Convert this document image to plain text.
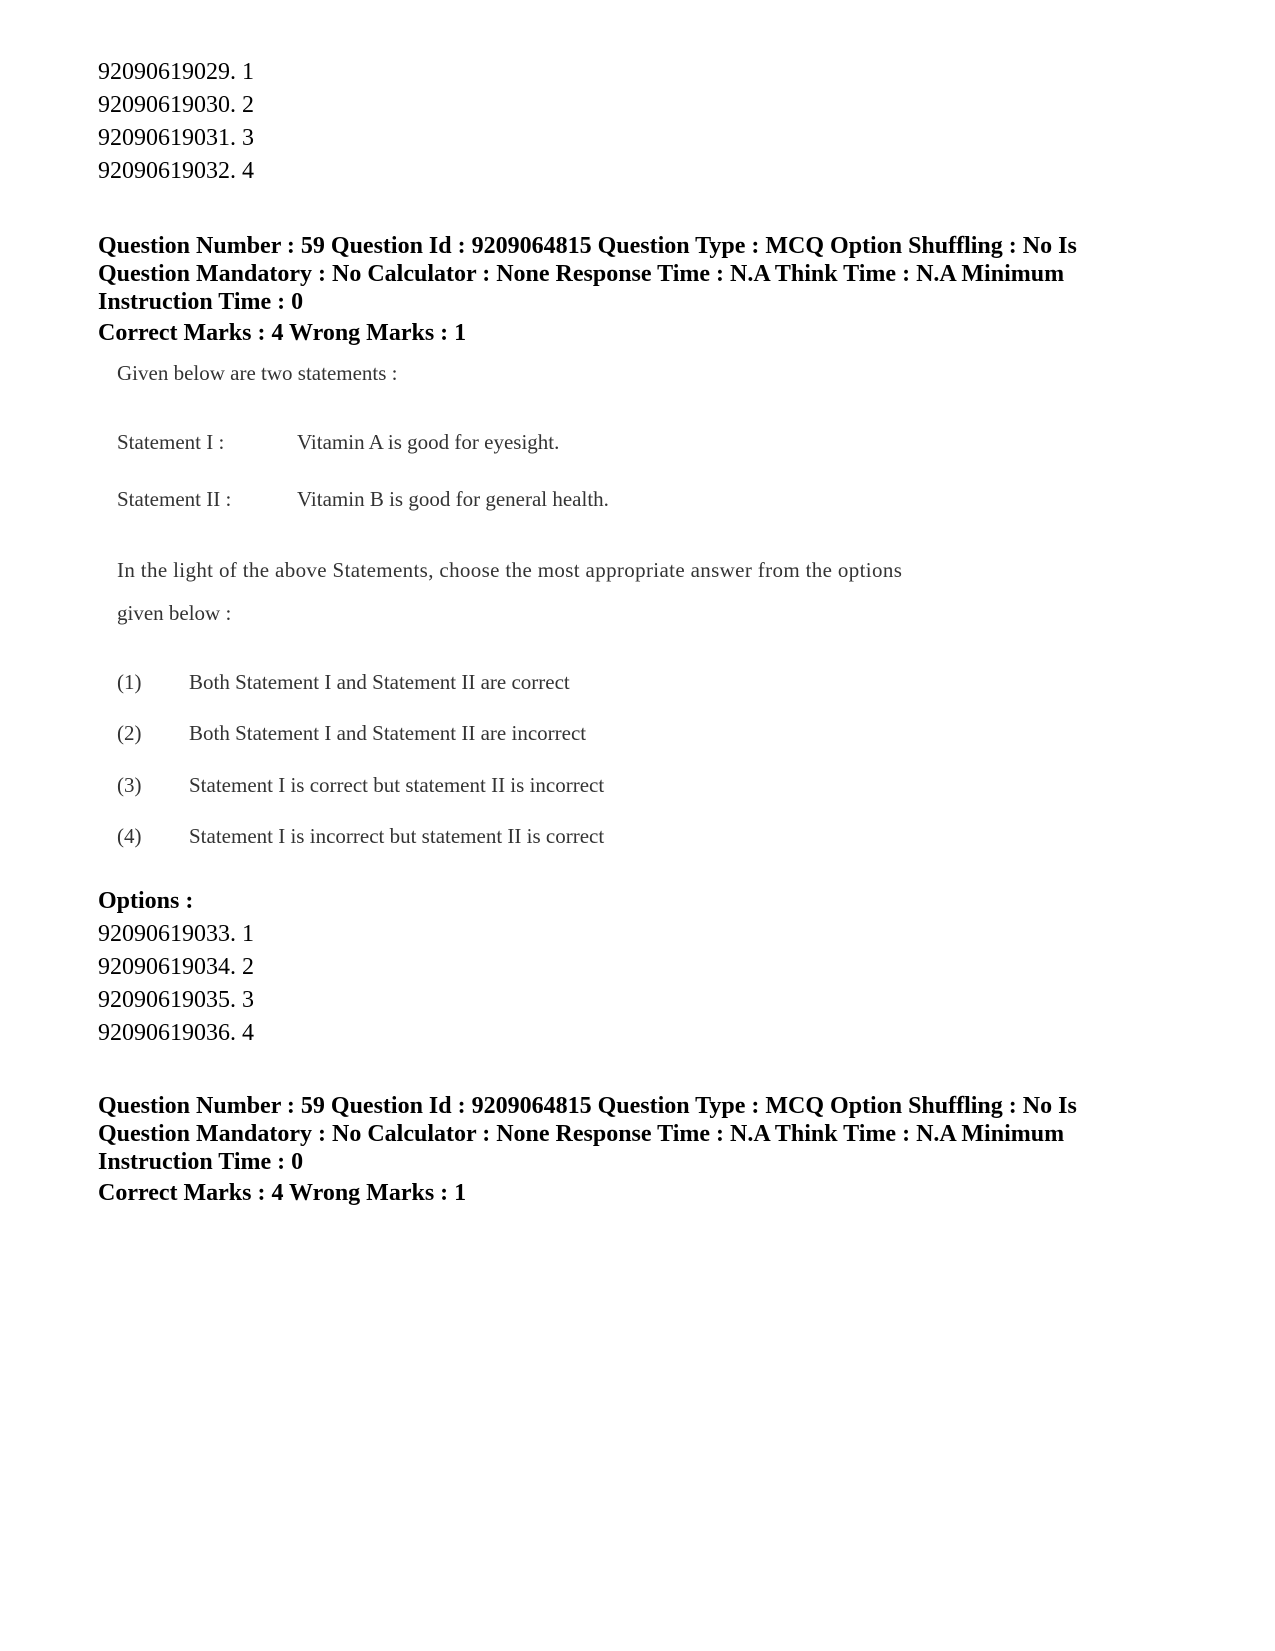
92090619029. 1
92090619030. 2
92090619031. 3
92090619032. 4
Question Number : 59 Question Id : 9209064815 Question Type : MCQ Option Shuffling : No Is
Question Mandatory : No Calculator : None Response Time : N.A Think Time : N.A Minimum
Instruction Time : 0
Correct Marks : 4 Wrong Marks : 1
Given below are two statements :
Statement I :	Vitamin A is good for eyesight.
Statement II :	Vitamin B is good for general health.
In the light of the above Statements, choose the most appropriate answer from the options
given below :
(1) Both Statement I and Statement II are correct
(2) Both Statement I and Statement II are incorrect
(3) Statement I is correct but statement II is incorrect
(4) Statement I is incorrect but statement II is correct
Options :
92090619033. 1
92090619034. 2
92090619035. 3
92090619036. 4
Question Number : 59 Question Id : 9209064815 Question Type : MCQ Option Shuffling : No Is
Question Mandatory : No Calculator : None Response Time : N.A Think Time : N.A Minimum
Instruction Time : 0
Correct Marks : 4 Wrong Marks : 1
